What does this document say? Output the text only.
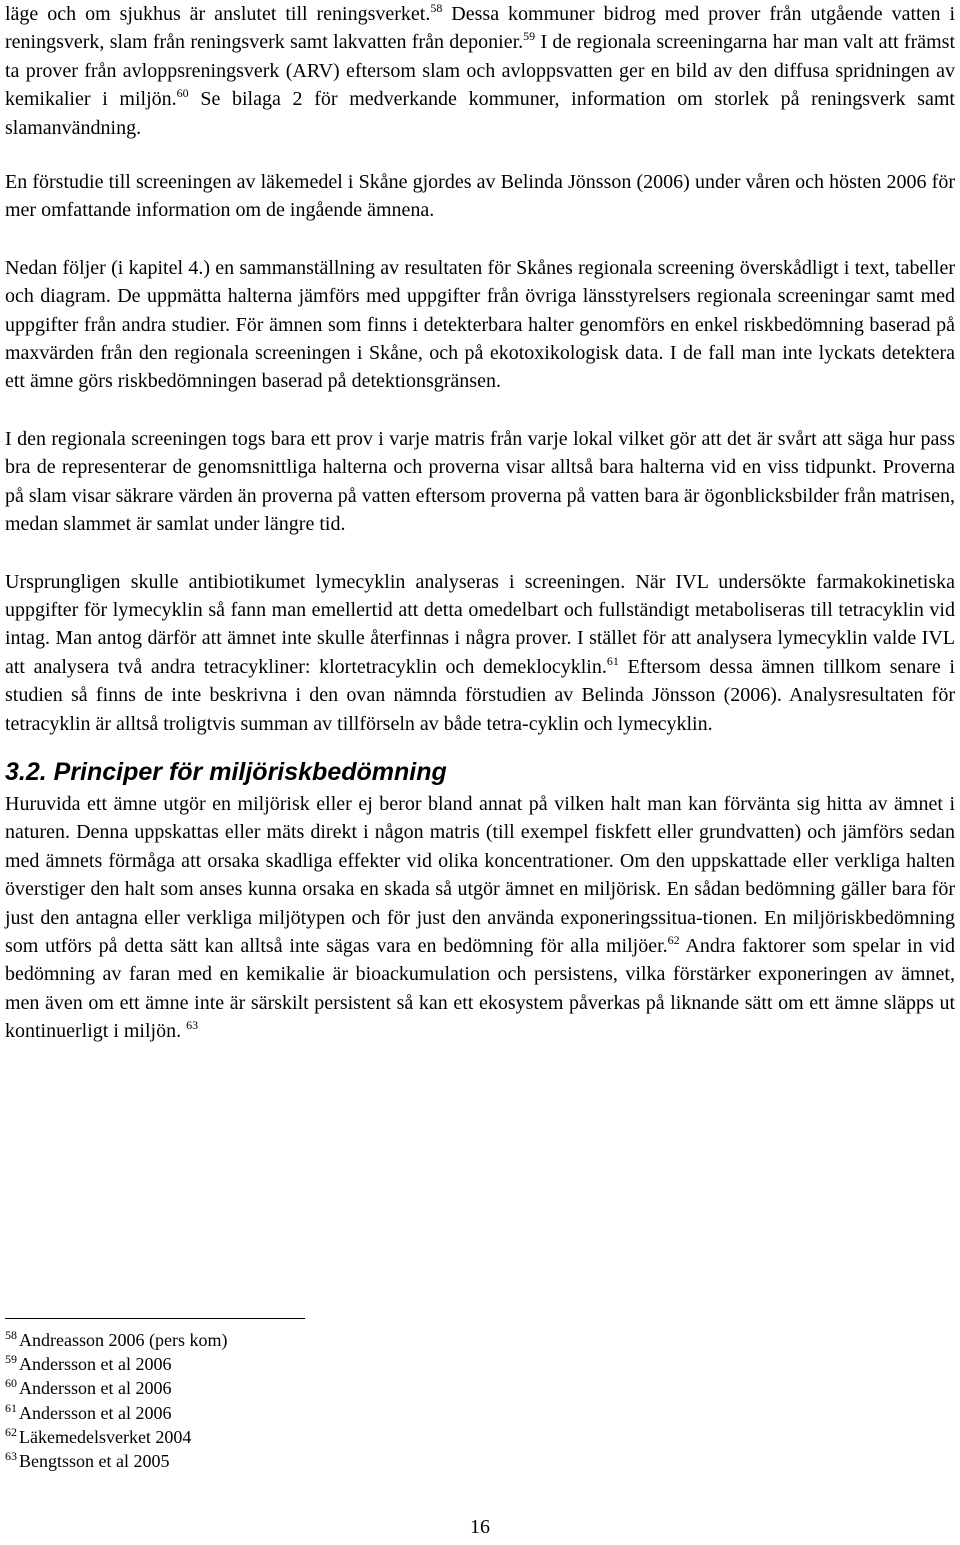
läge och om sjukhus är anslutet till reningsverket.$^{58}$ Dessa kommuner bidrog med prover från utgående vatten i reningsverk, slam från reningsverk samt lakvatten från deponier.$^{59}$ I de regionala screeningarna har man valt att främst ta prover från avloppsreningsverk (ARV) eftersom slam och avloppsvatten ger en bild av den diffusa spridningen av kemikalier i miljön.$^{60}$ Se bilaga 2 för medverkande kommuner, information om storlek på reningsverk samt slamanvändning.

En förstudie till screeningen av läkemedel i Skåne gjordes av Belinda Jönsson (2006) under våren och hösten 2006 för mer omfattande information om de ingående ämnena.

Nedan följer (i kapitel 4.) en sammanställning av resultaten för Skånes regionala screening överskådligt i text, tabeller och diagram. De uppmätta halterna jämförs med uppgifter från övriga länsstyrelsers regionala screeningar samt med uppgifter från andra studier. För ämnen som finns i detekterbara halter genomförs en enkel riskbedömning baserad på maxvärden från den regionala screeningen i Skåne, och på ekotoxikologisk data. I de fall man inte lyckats detektera ett ämne görs riskbedömningen baserad på detektionsgränsen.

I den regionala screeningen togs bara ett prov i varje matris från varje lokal vilket gör att det är svårt att säga hur pass bra de representerar de genomsnittliga halterna och proverna visar alltså bara halterna vid en viss tidpunkt. Proverna på slam visar säkrare värden än proverna på vatten eftersom proverna på vatten bara är ögonblicksbilder från matrisen, medan slammet är samlat under längre tid.

Ursprungligen skulle antibiotikumet lymecyklin analyseras i screeningen. När IVL undersökte farmakokinetiska uppgifter för lymecyklin så fann man emellertid att detta omedelbart och fullständigt metaboliseras till tetracyklin vid intag. Man antog därför att ämnet inte skulle återfinnas i några prover. I stället för att analysera lymecyklin valde IVL att analysera två andra tetracykliner: klortetracyklin och demeklocyklin.$^{61}$ Eftersom dessa ämnen tillkom senare i studien så finns de inte beskrivna i den ovan nämnda förstudien av Belinda Jönsson (2006). Analysresultaten för tetracyklin är alltså troligtvis summan av tillförseln av både tetra-cyklin och lymecyklin.

3.2. Principer för miljöriskbedömning

Huruvida ett ämne utgör en miljörisk eller ej beror bland annat på vilken halt man kan förvänta sig hitta av ämnet i naturen. Denna uppskattas eller mäts direkt i någon matris (till exempel fiskfett eller grundvatten) och jämförs sedan med ämnets förmåga att orsaka skadliga effekter vid olika koncentrationer. Om den uppskattade eller verkliga halten överstiger den halt som anses kunna orsaka en skada så utgör ämnet en miljörisk. En sådan bedömning gäller bara för just den antagna eller verkliga miljötypen och för just den använda exponeringssitua-tionen. En miljöriskbedömning som utförs på detta sätt kan alltså inte sägas vara en bedömning för alla miljöer.$^{62}$ Andra faktorer som spelar in vid bedömning av faran med en kemikalie är bioackumulation och persistens, vilka förstärker exponeringen av ämnet, men även om ett ämne inte är särskilt persistent så kan ett ekosystem påverkas på liknande sätt om ett ämne släpps ut kontinuerligt i miljön. $^{63}$

$^{58}$ Andreasson 2006 (pers kom)
$^{59}$ Andersson et al 2006
$^{60}$ Andersson et al 2006
$^{61}$ Andersson et al 2006
$^{62}$ Läkemedelsverket 2004
$^{63}$ Bengtsson et al 2005
16
